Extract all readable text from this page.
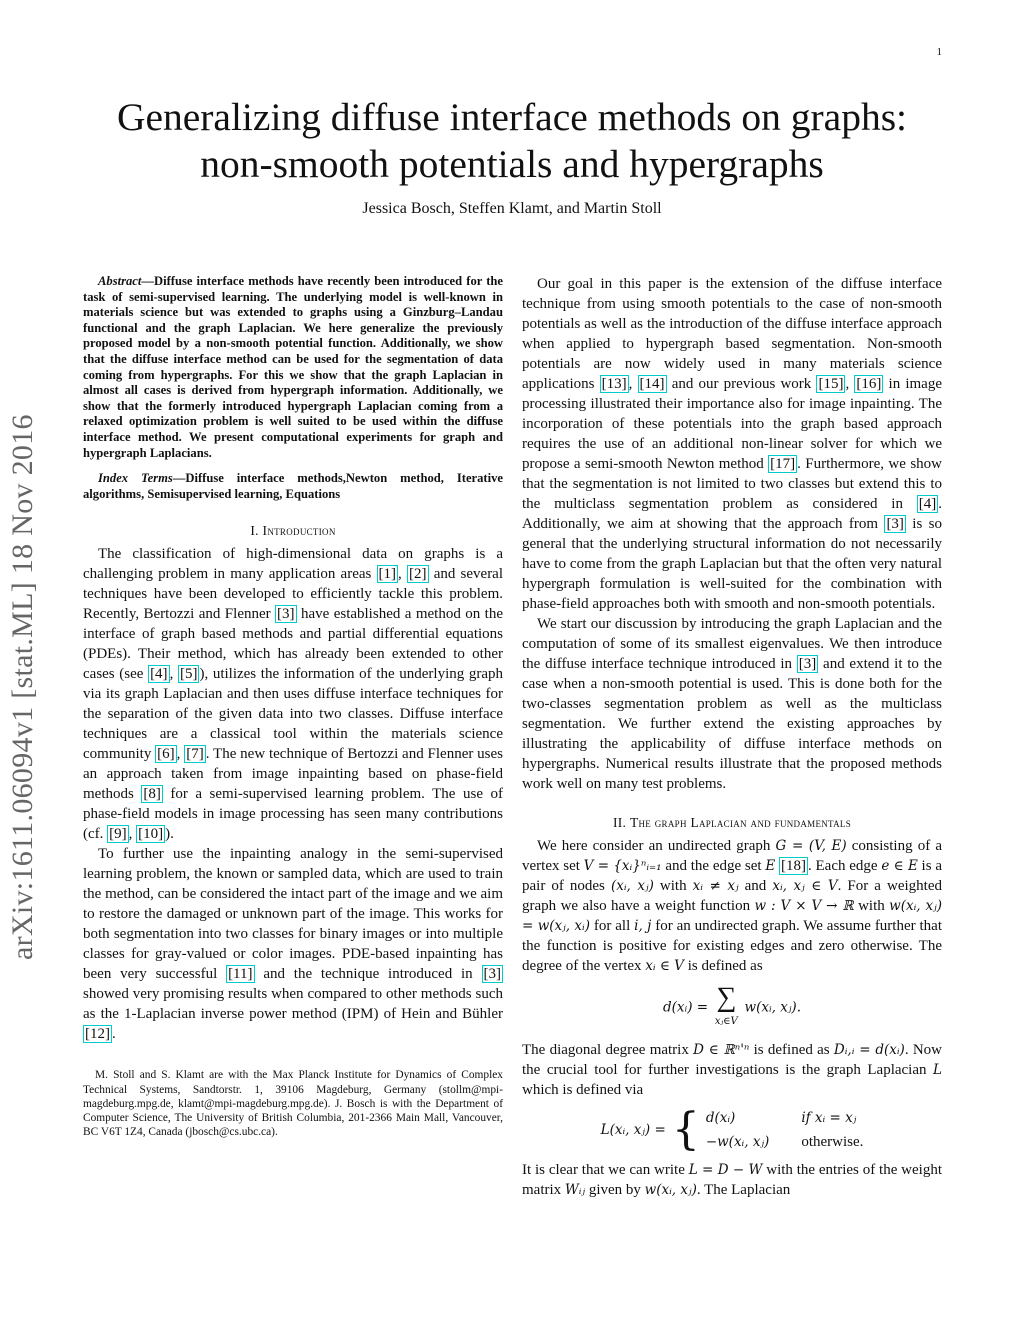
1
arXiv:1611.06094v1 [stat.ML] 18 Nov 2016
Generalizing diffuse interface methods on graphs:
non-smooth potentials and hypergraphs
Jessica Bosch, Steffen Klamt, and Martin Stoll

Abstract—Diffuse interface methods have recently been introduced for the task of semi-supervised learning. The underlying model is well-known in materials science but was extended to graphs using a Ginzburg–Landau functional and the graph Laplacian. We here generalize the previously proposed model by a non-smooth potential function. Additionally, we show that the diffuse interface method can be used for the segmentation of data coming from hypergraphs. For this we show that the graph Laplacian in almost all cases is derived from hypergraph information. Additionally, we show that the formerly introduced hypergraph Laplacian coming from a relaxed optimization problem is well suited to be used within the diffuse interface method. We present computational experiments for graph and hypergraph Laplacians.

Index Terms—Diffuse interface methods,Newton method, Iterative algorithms, Semisupervised learning, Equations

I. Introduction

The classification of high-dimensional data on graphs is a challenging problem in many application areas [1] , [2] and several techniques have been developed to efficiently tackle this problem. Recently, Bertozzi and Flenner [3] have established a method on the interface of graph based methods and partial differential equations (PDEs). Their method, which has already been extended to other cases (see [4] , [5] ), utilizes the information of the underlying graph via its graph Laplacian and then uses diffuse interface techniques for the separation of the given data into two classes. Diffuse interface techniques are a classical tool within the materials science community [6] , [7] . The new technique of Bertozzi and Flenner uses an approach taken from image inpainting based on phase-field methods [8] for a semi-supervised learning problem. The use of phase-field models in image processing has seen many contributions (cf. [9] , [10] ).

To further use the inpainting analogy in the semi-supervised learning problem, the known or sampled data, which are used to train the method, can be considered the intact part of the image and we aim to restore the damaged or unknown part of the image. This works for both segmentation into two classes for binary images or into multiple classes for gray-valued or color images. PDE-based inpainting has been very successful [11] and the technique introduced in [3] showed very promising results when compared to other methods such as the 1-Laplacian inverse power method (IPM) of Hein and Bühler [12] .

M. Stoll and S. Klamt are with the Max Planck Institute for Dynamics of Complex Technical Systems, Sandtorstr. 1, 39106 Magdeburg, Germany (stollm@mpi-magdeburg.mpg.de, klamt@mpi-magdeburg.mpg.de). J. Bosch is with the Department of Computer Science, The University of British Columbia, 201-2366 Main Mall, Vancouver, BC V6T 1Z4, Canada (jbosch@cs.ubc.ca).

Our goal in this paper is the extension of the diffuse interface technique from using smooth potentials to the case of non-smooth potentials as well as the introduction of the diffuse interface approach when applied to hypergraph based segmentation. Non-smooth potentials are now widely used in many materials science applications [13] , [14] and our previous work [15] , [16] in image processing illustrated their importance also for image inpainting. The incorporation of these potentials into the graph based approach requires the use of an additional non-linear solver for which we propose a semi-smooth Newton method [17] . Furthermore, we show that the segmentation is not limited to two classes but extend this to the multiclass segmentation problem as considered in [4] . Additionally, we aim at showing that the approach from [3] is so general that the underlying structural information do not necessarily have to come from the graph Laplacian but that the often very natural hypergraph formulation is well-suited for the combination with phase-field approaches both with smooth and non-smooth potentials.

We start our discussion by introducing the graph Laplacian and the computation of some of its smallest eigenvalues. We then introduce the diffuse interface technique introduced in [3] and extend it to the case when a non-smooth potential is used. This is done both for the two-classes segmentation problem as well as the multiclass segmentation. We further extend the existing approaches by illustrating the applicability of diffuse interface methods on hypergraphs. Numerical results illustrate that the proposed methods work well on many test problems.

II. The graph Laplacian and fundamentals

We here consider an undirected graph G = (V, E) consisting of a vertex set V = {xᵢ}ⁿᵢ₌₁ and the edge set E [18] . Each edge e ∈ E is a pair of nodes (xᵢ, xⱼ) with xᵢ ≠ xⱼ and xᵢ, xⱼ ∈ V. For a weighted graph we also have a weight function w : V × V → ℝ with w(xᵢ, xⱼ) = w(xⱼ, xᵢ) for all i, j for an undirected graph. We assume further that the function is positive for existing edges and zero otherwise. The degree of the vertex xᵢ ∈ V is defined as

d(xᵢ) = ∑
xⱼ∈V
w(xᵢ, xⱼ).

The diagonal degree matrix D ∈ ℝⁿ'ⁿ is defined as Dᵢ,ᵢ = d(xᵢ). Now the crucial tool for further investigations is the graph Laplacian L which is defined via

L(xᵢ, xⱼ) = { d(xᵢ)	if xᵢ = xⱼ
−w(xᵢ, xⱼ) otherwise.

It is clear that we can write L = D − W with the entries of the weight matrix Wᵢⱼ given by w(xᵢ, xⱼ). The Laplacian
